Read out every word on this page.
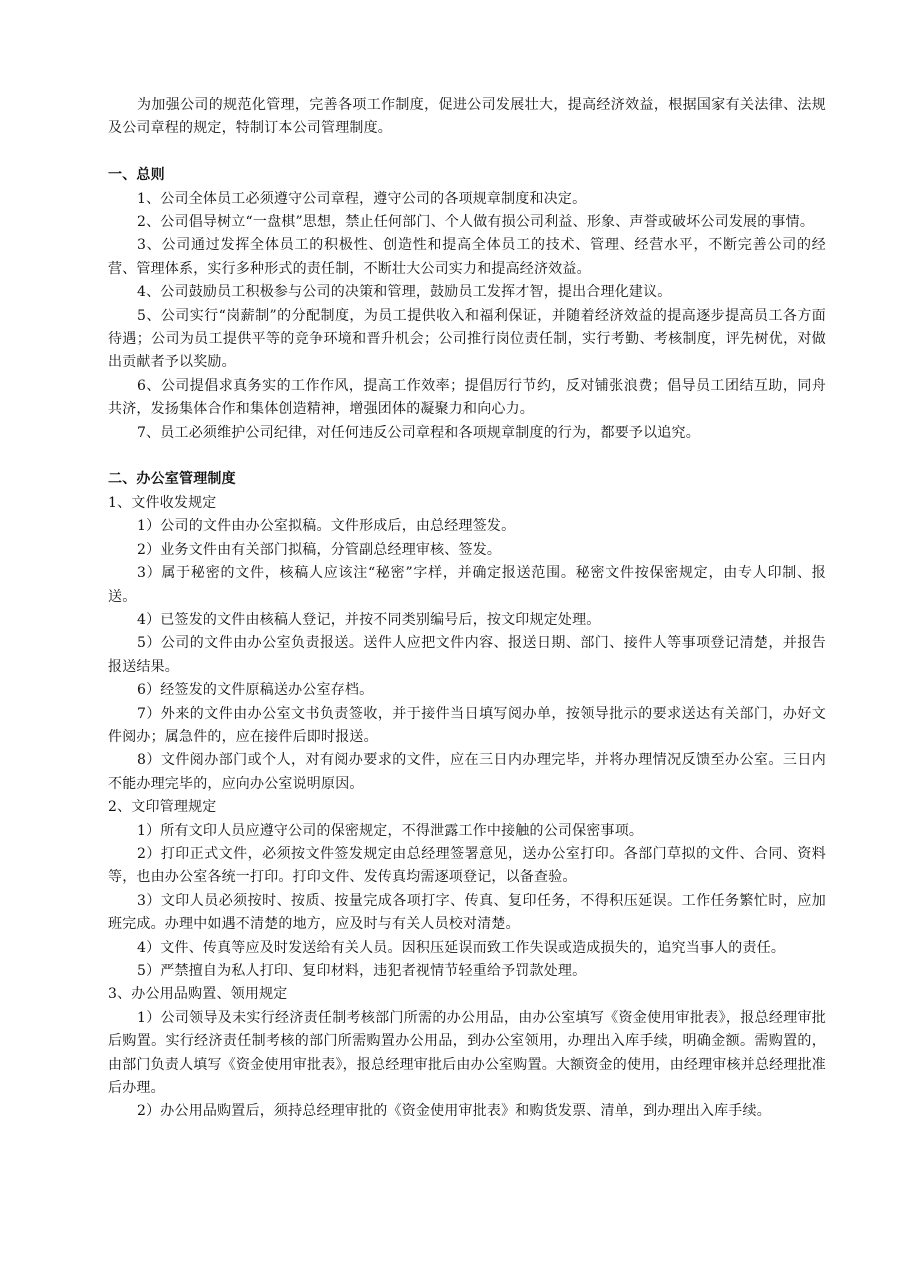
为加强公司的规范化管理，完善各项工作制度，促进公司发展壮大，提高经济效益，根据国家有关法律、法规及公司章程的规定，特制订本公司管理制度。

一、总则

1、公司全体员工必须遵守公司章程，遵守公司的各项规章制度和决定。

2、公司倡导树立“一盘棋”思想，禁止任何部门、个人做有损公司利益、形象、声誉或破坏公司发展的事情。

3、公司通过发挥全体员工的积极性、创造性和提高全体员工的技术、管理、经营水平，不断完善公司的经营、管理体系，实行多种形式的责任制，不断壮大公司实力和提高经济效益。

4、公司鼓励员工积极参与公司的决策和管理，鼓励员工发挥才智，提出合理化建议。

5、公司实行“岗薪制”的分配制度，为员工提供收入和福利保证，并随着经济效益的提高逐步提高员工各方面待遇；公司为员工提供平等的竞争环境和晋升机会；公司推行岗位责任制，实行考勤、考核制度，评先树优，对做出贡献者予以奖励。

6、公司提倡求真务实的工作作风，提高工作效率；提倡厉行节约，反对铺张浪费；倡导员工团结互助，同舟共济，发扬集体合作和集体创造精神，增强团体的凝聚力和向心力。

7、员工必须维护公司纪律，对任何违反公司章程和各项规章制度的行为，都要予以追究。

二、办公室管理制度

1、文件收发规定

1）公司的文件由办公室拟稿。文件形成后，由总经理签发。

2）业务文件由有关部门拟稿，分管副总经理审核、签发。

3）属于秘密的文件，核稿人应该注“秘密”字样，并确定报送范围。秘密文件按保密规定，由专人印制、报送。

4）已签发的文件由核稿人登记，并按不同类别编号后，按文印规定处理。

5）公司的文件由办公室负责报送。送件人应把文件内容、报送日期、部门、接件人等事项登记清楚，并报告报送结果。

6）经签发的文件原稿送办公室存档。

7）外来的文件由办公室文书负责签收，并于接件当日填写阅办单，按领导批示的要求送达有关部门，办好文件阅办；属急件的，应在接件后即时报送。

8）文件阅办部门或个人，对有阅办要求的文件，应在三日内办理完毕，并将办理情况反馈至办公室。三日内不能办理完毕的，应向办公室说明原因。

2、文印管理规定

1）所有文印人员应遵守公司的保密规定，不得泄露工作中接触的公司保密事项。

2）打印正式文件，必须按文件签发规定由总经理签署意见，送办公室打印。各部门草拟的文件、合同、资料等，也由办公室各统一打印。打印文件、发传真均需逐项登记，以备查验。

3）文印人员必须按时、按质、按量完成各项打字、传真、复印任务，不得积压延误。工作任务繁忙时，应加班完成。办理中如遇不清楚的地方，应及时与有关人员校对清楚。

4）文件、传真等应及时发送给有关人员。因积压延误而致工作失误或造成损失的，追究当事人的责任。

5）严禁擅自为私人打印、复印材料，违犯者视情节轻重给予罚款处理。

3、办公用品购置、领用规定

1）公司领导及未实行经济责任制考核部门所需的办公用品，由办公室填写《资金使用审批表》，报总经理审批后购置。实行经济责任制考核的部门所需购置办公用品，到办公室领用，办理出入库手续，明确金额。需购置的，由部门负责人填写《资金使用审批表》，报总经理审批后由办公室购置。大额资金的使用，由经理审核并总经理批准后办理。

2）办公用品购置后，须持总经理审批的《资金使用审批表》和购货发票、清单，到办理出入库手续。
